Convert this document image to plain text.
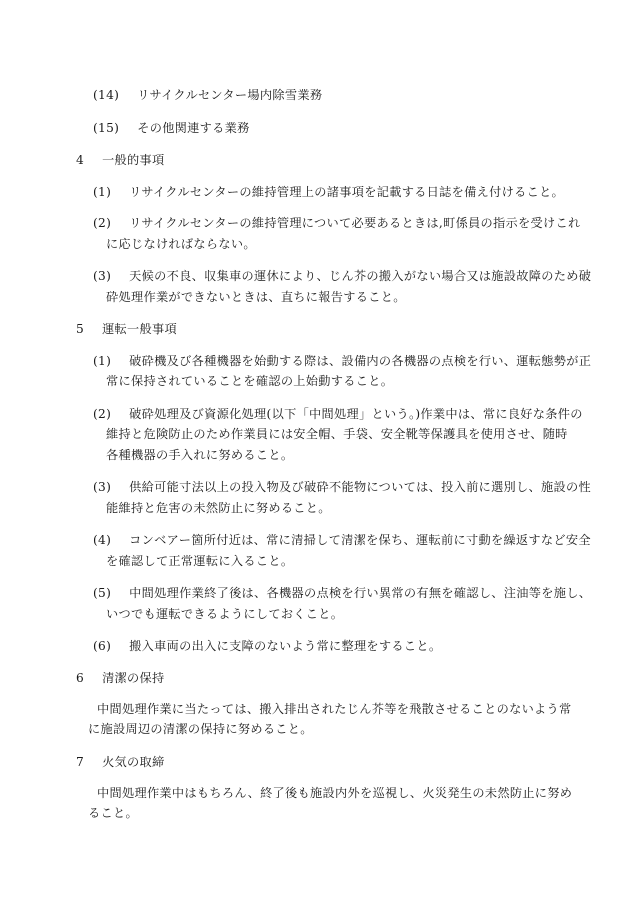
(14) リサイクルセンター場内除雪業務
(15) その他関連する業務
4 一般的事項
(1) リサイクルセンターの維持管理上の諸事項を記載する日誌を備え付けること。
(2) リサイクルセンターの維持管理について必要あるときは,町係員の指示を受けこれ
に応じなければならない。
(3) 天候の不良、収集車の運休により、じん芥の搬入がない場合又は施設故障のため破
砕処理作業ができないときは、直ちに報告すること。
5 運転一般事項
(1) 破砕機及び各種機器を始動する際は、設備内の各機器の点検を行い、運転態勢が正
常に保持されていることを確認の上始動すること。
(2) 破砕処理及び資源化処理(以下「中間処理」という。)作業中は、常に良好な条件の
維持と危険防止のため作業員には安全帽、手袋、安全靴等保護具を使用させ、随時
各種機器の手入れに努めること。
(3) 供給可能寸法以上の投入物及び破砕不能物については、投入前に選別し、施設の性
能維持と危害の未然防止に努めること。
(4) コンベアー箇所付近は、常に清掃して清潔を保ち、運転前に寸動を繰返すなど安全
を確認して正常運転に入ること。
(5) 中間処理作業終了後は、各機器の点検を行い異常の有無を確認し、注油等を施し、
いつでも運転できるようにしておくこと。
(6) 搬入車両の出入に支障のないよう常に整理をすること。
6 清潔の保持
中間処理作業に当たっては、搬入排出されたじん芥等を飛散させることのないよう常
に施設周辺の清潔の保持に努めること。
7 火気の取締
中間処理作業中はもちろん、終了後も施設内外を巡視し、火災発生の未然防止に努め
ること。
